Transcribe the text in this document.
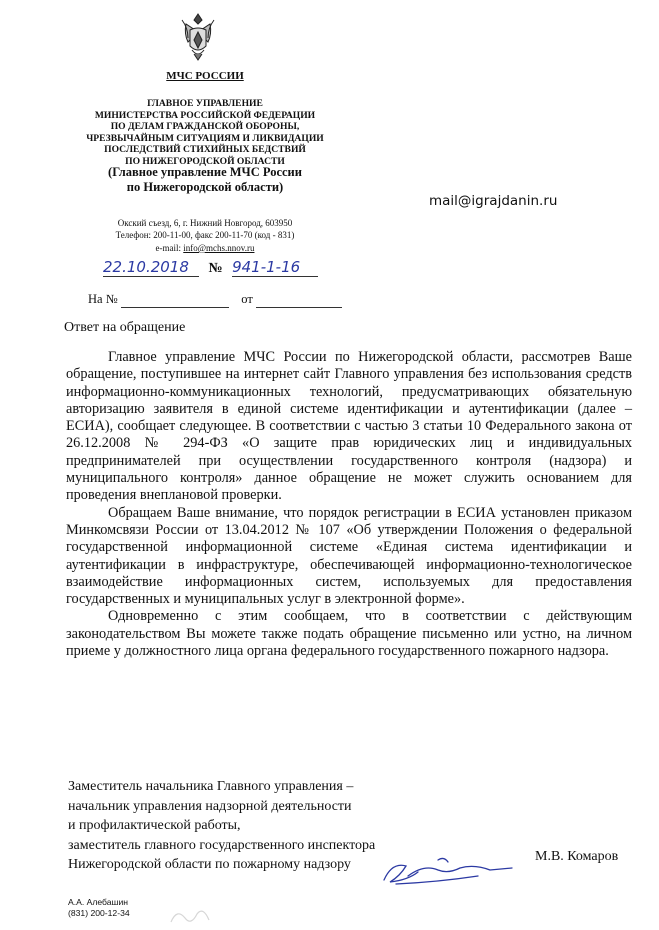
МЧС РОССИИ
ГЛАВНОЕ УПРАВЛЕНИЕ
МИНИСТЕРСТВА РОССИЙСКОЙ ФЕДЕРАЦИИ
ПО ДЕЛАМ ГРАЖДАНСКОЙ ОБОРОНЫ,
ЧРЕЗВЫЧАЙНЫМ СИТУАЦИЯМ И ЛИКВИДАЦИИ
ПОСЛЕДСТВИЙ СТИХИЙНЫХ БЕДСТВИЙ
ПО НИЖЕГОРОДСКОЙ ОБЛАСТИ
(Главное управление МЧС России
по Нижегородской области)
Окский съезд, 6, г. Нижний Новгород, 603950
Телефон: 200-11-00, факс 200-11-70 (код - 831)
e-mail: info@mchs.nnov.ru
mail@igrajdanin.ru
22.10.2018 № 941-1-16
На №	от
Ответ на обращение

Главное управление МЧС России по Нижегородской области, рассмотрев Ваше обращение, поступившее на интернет сайт Главного управления без использования средств информационно-коммуникационных технологий, предусматривающих обязательную авторизацию заявителя в единой системе идентификации и аутентификации (далее – ЕСИА), сообщает следующее. В соответствии с частью 3 статьи 10 Федерального закона от 26.12.2008 № 294-ФЗ «О защите прав юридических лиц и индивидуальных предпринимателей при осуществлении государственного контроля (надзора) и муниципального контроля» данное обращение не может служить основанием для проведения внеплановой проверки.

Обращаем Ваше внимание, что порядок регистрации в ЕСИА установлен приказом Минкомсвязи России от 13.04.2012 № 107 «Об утверждении Положения о федеральной государственной информационной системе «Единая система идентификации и аутентификации в инфраструктуре, обеспечивающей информационно-технологическое взаимодействие информационных систем, используемых для предоставления государственных и муниципальных услуг в электронной форме».

Одновременно с этим сообщаем, что в соответствии с действующим законодательством Вы можете также подать обращение письменно или устно, на личном приеме у должностного лица органа федерального государственного пожарного надзора.

Заместитель начальника Главного управления –
начальник управления надзорной деятельности
и профилактической работы,
заместитель главного государственного инспектора
Нижегородской области по пожарному надзору
М.В. Комаров
А.А. Алебашин
(831) 200-12-34
